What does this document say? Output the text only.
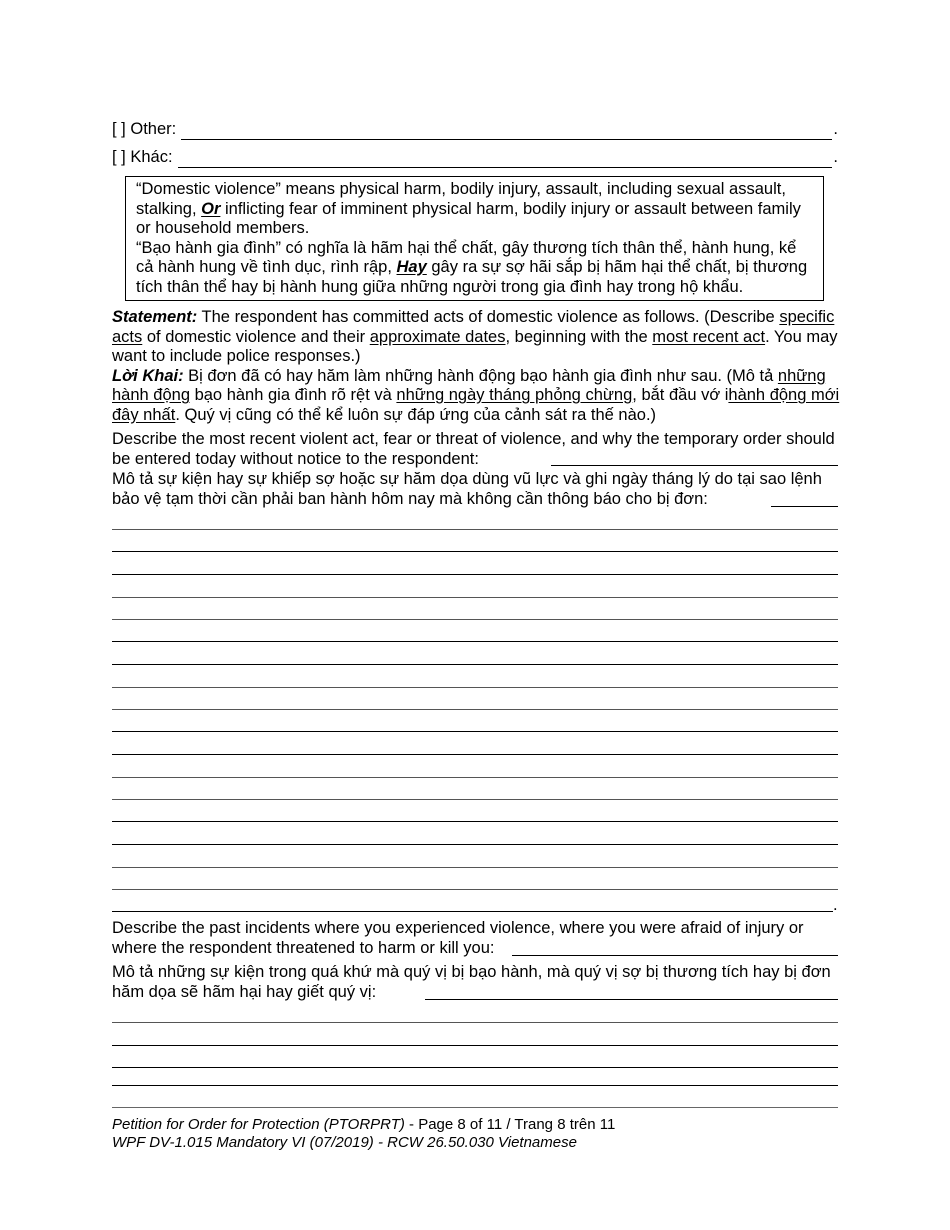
[ ]
Other:	.
[ ]
Khác:	.

“Domestic violence” means physical harm, bodily injury, assault, including sexual assault, stalking, Or inflicting fear of imminent physical harm, bodily injury or assault between family or household members.

“Bạo hành gia đình” có nghĩa là hãm hại thể chất, gây thương tích thân thể, hành hung, kể cả hành hung về tình dục, rình rập, Hay gây ra sự sợ hãi sắp bị hãm hại thể chất, bị thương tích thân thể hay bị hành hung giữa những người trong gia đình hay trong hộ khẩu.

Statement: The respondent has committed acts of domestic violence as follows. (Describe specific acts of domestic violence and their approximate dates, beginning with the most recent act. You may want to include police responses.)

Lời Khai: Bị đơn đã có hay hăm làm những hành động bạo hành gia đình như sau. (Mô tả những hành động bạo hành gia đình rõ rệt và những ngày tháng phỏng chừng, bắt đầu vớ ihành động mới đây nhất. Quý vị cũng có thể kể luôn sự đáp ứng của cảnh sát ra thế nào.)

Describe the most recent violent act, fear or threat of violence, and why the temporary order should be entered today without notice to the respondent:

Mô tả sự kiện hay sự khiếp sợ hoặc sự hăm dọa dùng vũ lực và ghi ngày tháng lý do tại sao lệnh bảo vệ tạm thời cần phải ban hành hôm nay mà không cần thông báo cho bị đơn:

.

Describe the past incidents where you experienced violence, where you were afraid of injury or where the respondent threatened to harm or kill you:

Mô tả những sự kiện trong quá khứ mà quý vị bị bạo hành, mà quý vị sợ bị thương tích hay bị đơn hăm dọa sẽ hãm hại hay giết quý vị:

Petition for Order for Protection (PTORPRT) - Page 8 of 11 / Trang 8 trên 11

WPF DV-1.015 Mandatory VI (07/2019) - RCW 26.50.030 Vietnamese
